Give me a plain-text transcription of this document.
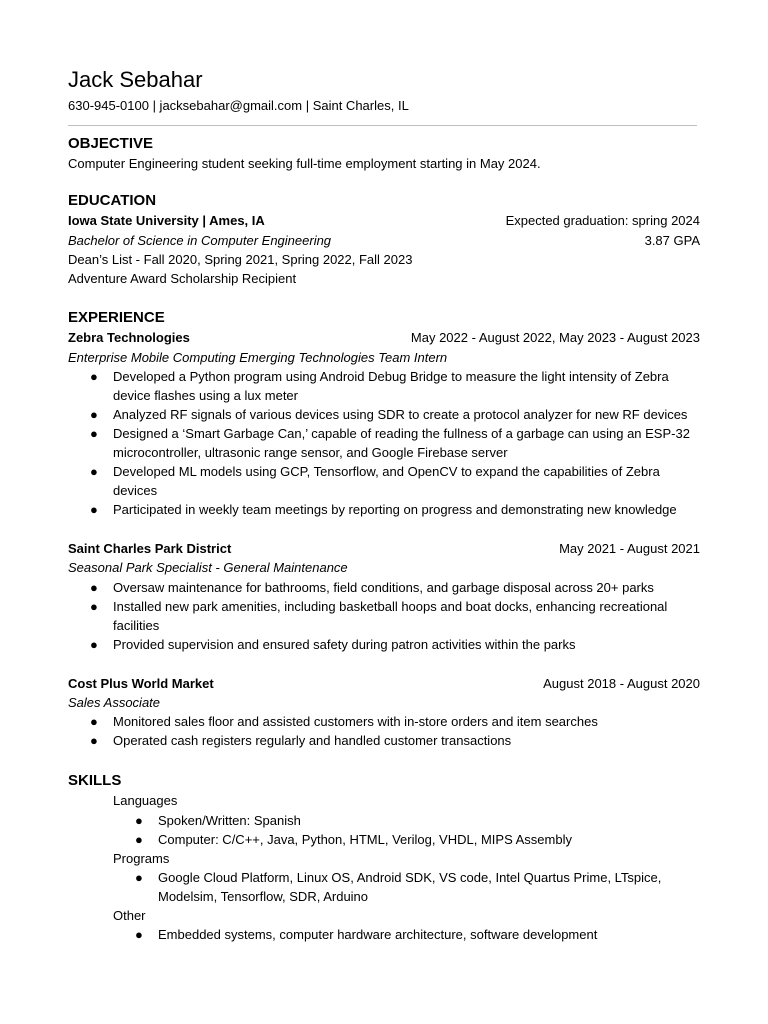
Jack Sebahar
630-945-0100 | jacksebahar@gmail.com | Saint Charles, IL
OBJECTIVE
Computer Engineering student seeking full-time employment starting in May 2024.
EDUCATION
Iowa State University | Ames, IA	Expected graduation: spring 2024
Bachelor of Science in Computer Engineering	3.87 GPA
Dean’s List - Fall 2020, Spring 2021, Spring 2022, Fall 2023
Adventure Award Scholarship Recipient
EXPERIENCE
Zebra Technologies	May 2022 - August 2022, May 2023 - August 2023
Enterprise Mobile Computing Emerging Technologies Team Intern
● Developed a Python program using Android Debug Bridge to measure the light intensity of Zebra device flashes using a lux meter
● Analyzed RF signals of various devices using SDR to create a protocol analyzer for new RF devices
● Designed a ‘Smart Garbage Can,’ capable of reading the fullness of a garbage can using an ESP-32 microcontroller, ultrasonic range sensor, and Google Firebase server
● Developed ML models using GCP, Tensorflow, and OpenCV to expand the capabilities of Zebra devices
● Participated in weekly team meetings by reporting on progress and demonstrating new knowledge
Saint Charles Park District	May 2021 - August 2021
Seasonal Park Specialist - General Maintenance
● Oversaw maintenance for bathrooms, field conditions, and garbage disposal across 20+ parks
● Installed new park amenities, including basketball hoops and boat docks, enhancing recreational facilities
● Provided supervision and ensured safety during patron activities within the parks
Cost Plus World Market	August 2018 - August 2020
Sales Associate
● Monitored sales floor and assisted customers with in-store orders and item searches
● Operated cash registers regularly and handled customer transactions
SKILLS
Languages
● Spoken/Written: Spanish
● Computer: C/C++, Java, Python, HTML, Verilog, VHDL, MIPS Assembly
Programs
● Google Cloud Platform, Linux OS, Android SDK, VS code, Intel Quartus Prime, LTspice, Modelsim, Tensorflow, SDR, Arduino
Other
● Embedded systems, computer hardware architecture, software development
